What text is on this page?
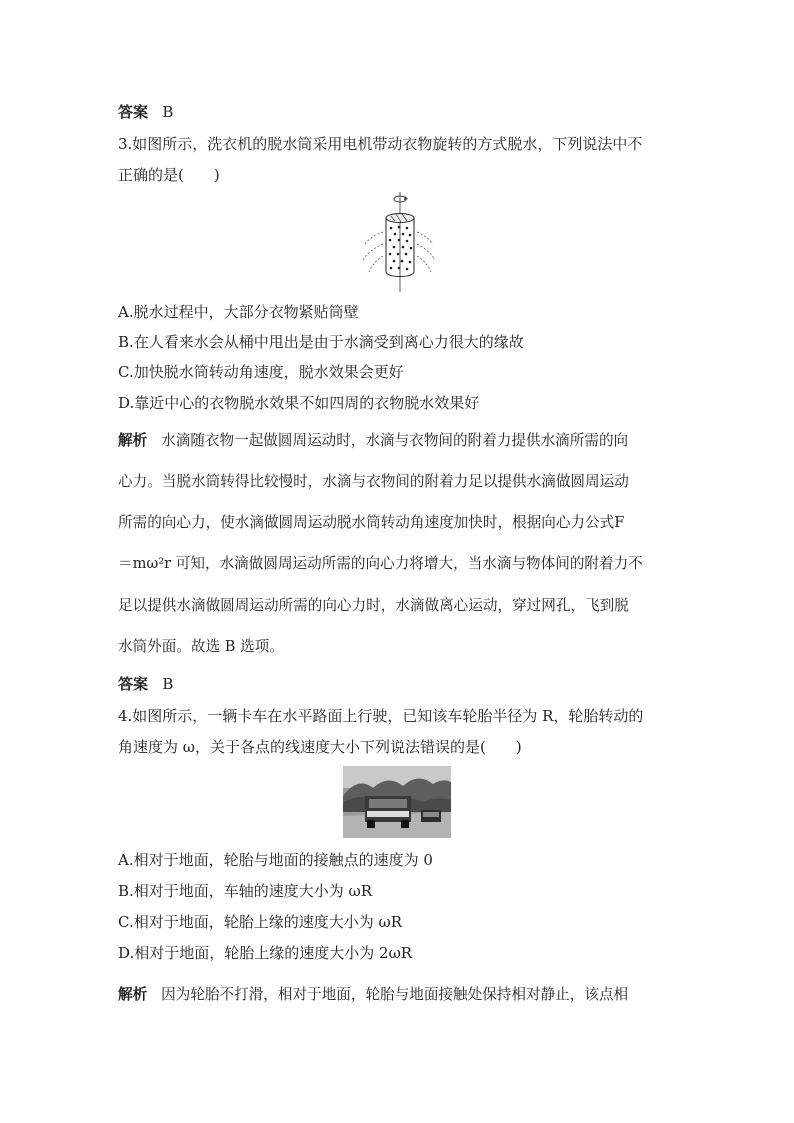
答案 B
3.如图所示，洗衣机的脱水筒采用电机带动衣物旋转的方式脱水，下列说法中不
正确的是(　　)
A.脱水过程中，大部分衣物紧贴筒壁
B.在人看来水会从桶中甩出是由于水滴受到离心力很大的缘故
C.加快脱水筒转动角速度，脱水效果会更好
D.靠近中心的衣物脱水效果不如四周的衣物脱水效果好
解析 水滴随衣物一起做圆周运动时，水滴与衣物间的附着力提供水滴所需的向
心力。当脱水筒转得比较慢时，水滴与衣物间的附着力足以提供水滴做圆周运动
所需的向心力，使水滴做圆周运动脱水筒转动角速度加快时，根据向心力公式F
＝mω²r 可知，水滴做圆周运动所需的向心力将增大，当水滴与物体间的附着力不
足以提供水滴做圆周运动所需的向心力时，水滴做离心运动，穿过网孔，飞到脱
水筒外面。故选 B 选项。
答案 B
4.如图所示，一辆卡车在水平路面上行驶，已知该车轮胎半径为 R，轮胎转动的
角速度为 ω，关于各点的线速度大小下列说法错误的是(　　)
A.相对于地面，轮胎与地面的接触点的速度为 0
B.相对于地面，车轴的速度大小为 ωR
C.相对于地面，轮胎上缘的速度大小为 ωR
D.相对于地面，轮胎上缘的速度大小为 2ωR
解析 因为轮胎不打滑，相对于地面，轮胎与地面接触处保持相对静止，该点相
